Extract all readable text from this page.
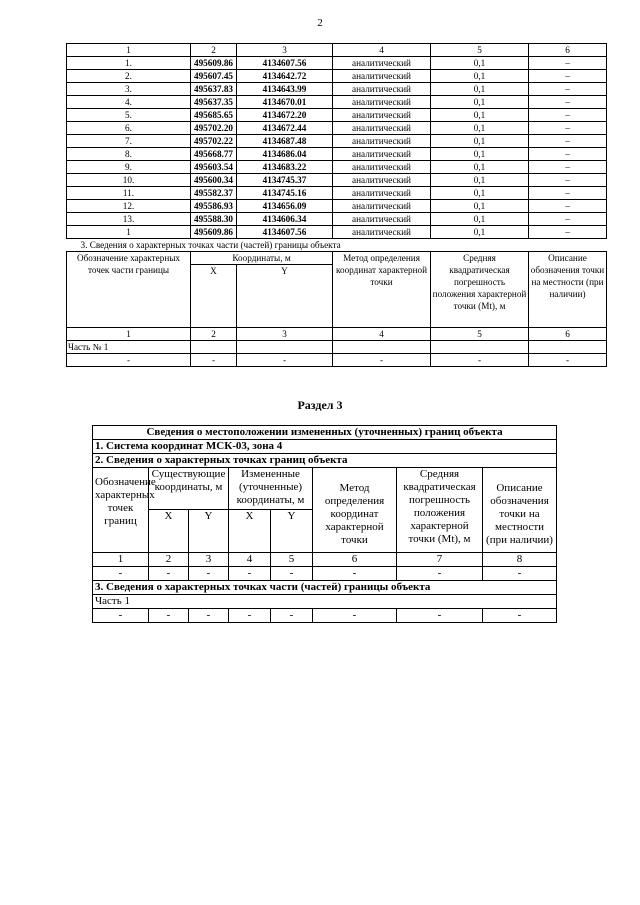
2
1	2	3	4	5	6
1.	495609.86	4134607.56	аналитический	0,1	–
2.	495607.45	4134642.72	аналитический	0,1	–
3.	495637.83	4134643.99	аналитический	0,1	–
4.	495637.35	4134670.01	аналитический	0,1	–
5.	495685.65	4134672.20	аналитический	0,1	–
6.	495702.20	4134672.44	аналитический	0,1	–
7.	495702.22	4134687.48	аналитический	0,1	–
8.	495668.77	4134686.04	аналитический	0,1	–
9.	495603.54	4134683.22	аналитический	0,1	–
10.	495600.34	4134745.37	аналитический	0,1	–
11.	495582.37	4134745.16	аналитический	0,1	–
12.	495586.93	4134656.09	аналитический	0,1	–
13.	495588.30	4134606.34	аналитический	0,1	–
1	495609.86	4134607.56	аналитический	0,1	–
3. Сведения о характерных точках части (частей) границы объекта					
Обозначение характерных точек части границы	Координаты, м		Метод определения координат характерной точки	Средняя квадратическая погрешность положения характерной точки (Mt), м	Описание обозначения точки на местности (при наличии)
	X	Y			
1	2	3	4	5	6
Часть № 1					
-	-	-	-	-	-
Раздел 3
Сведения о местоположении измененных (уточненных) границ объекта							
1. Система координат МСК-03, зона 4							
2. Сведения о характерных точках границ объекта							

Обозначение характерных точек границ	Существующие координаты, м		Измененные (уточненные) координаты, м		Метод определения координат характерной точки	Средняя квадратическая погрешность положения характерной точки (Mt), м	Описание обозначения точки на местности (при наличии)

	X	Y	X	Y			
1	2	3	4	5	6	7	8
-	-	-	-	-	-	-	-
3. Сведения о характерных точках части (частей) границы объекта							
Часть 1							
-	-	-	-	-	-	-	-
